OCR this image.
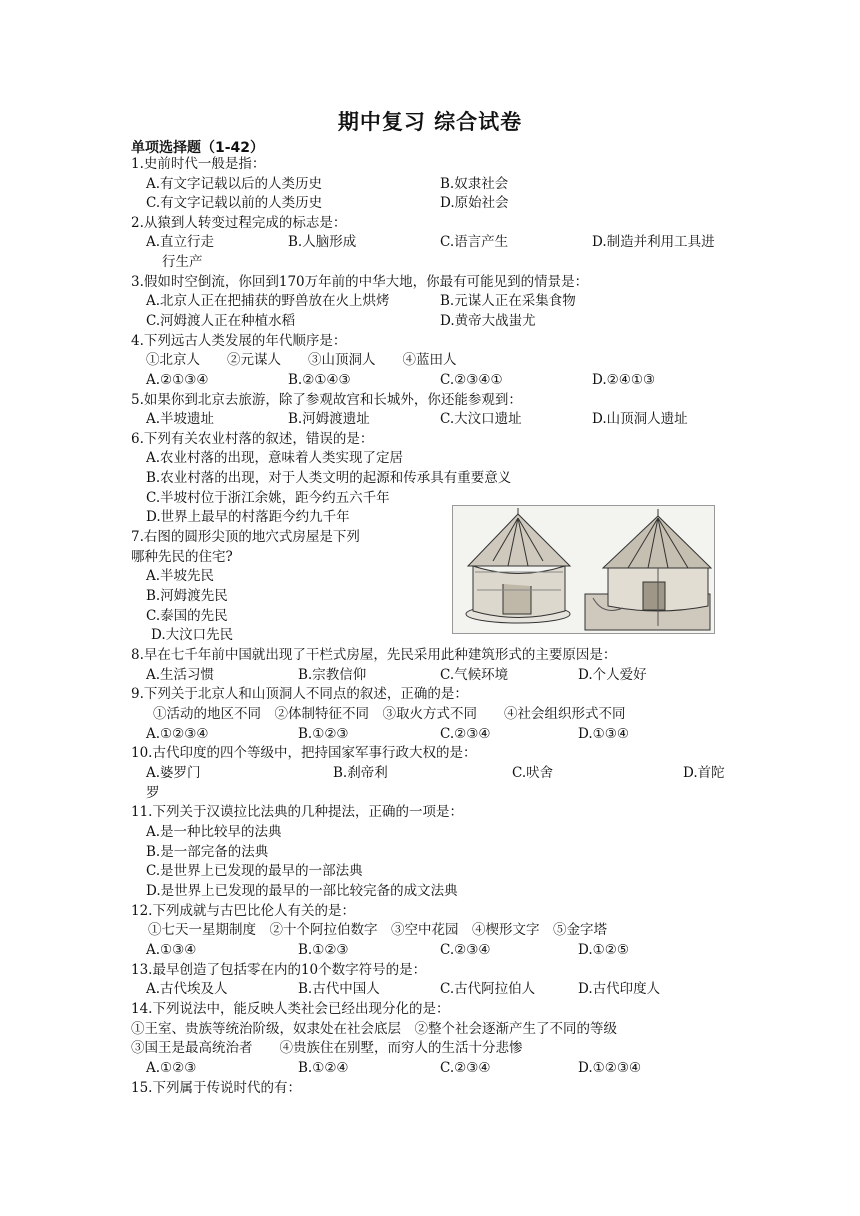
期中复习 综合试卷
单项选择题（1-42）
1.史前时代一般是指：
A.有文字记载以后的人类历史	B.奴隶社会
C.有文字记载以前的人类历史	D.原始社会
2.从猿到人转变过程完成的标志是：
A.直立行走	B.人脑形成	C.语言产生	D.制造并利用工具进
行生产
3.假如时空倒流，你回到170万年前的中华大地，你最有可能见到的情景是：
A.北京人正在把捕获的野兽放在火上烘烤	B.元谋人正在采集食物
C.河姆渡人正在种植水稻	D.黄帝大战蚩尤
4.下列远古人类发展的年代顺序是：
①北京人　　②元谋人　　③山顶洞人　　④蓝田人
A.②①③④	B.②①④③	C.②③④①	D.②④①③
5.如果你到北京去旅游，除了参观故宫和长城外，你还能参观到：
A.半坡遗址	B.河姆渡遗址	C.大汶口遗址	D.山顶洞人遗址
6.下列有关农业村落的叙述，错误的是：
A.农业村落的出现，意味着人类实现了定居
B.农业村落的出现，对于人类文明的起源和传承具有重要意义
C.半坡村位于浙江余姚，距今约五六千年
D.世界上最早的村落距今约九千年
7.右图的圆形尖顶的地穴式房屋是下列
哪种先民的住宅?
A.半坡先民
B.河姆渡先民
C.泰国的先民
D.大汶口先民
8.早在七千年前中国就出现了干栏式房屋，先民采用此种建筑形式的主要原因是：
A.生活习惯	B.宗教信仰	C.气候环境	D.个人爱好
9.下列关于北京人和山顶洞人不同点的叙述，正确的是：
①活动的地区不同　②体制特征不同　③取火方式不同　　④社会组织形式不同
A.①②③④	B.①②③	C.②③④	D.①③④
10.古代印度的四个等级中，把持国家军事行政大权的是：
A.婆罗门	B.刹帝利	C.吠舍	D.首陀
罗
11.下列关于汉谟拉比法典的几种提法，正确的一项是：
A.是一种比较早的法典
B.是一部完备的法典
C.是世界上已发现的最早的一部法典
D.是世界上已发现的最早的一部比较完备的成文法典
12.下列成就与古巴比伦人有关的是：
①七天一星期制度　②十个阿拉伯数字　③空中花园　④楔形文字　⑤金字塔
A.①③④	B.①②③	C.②③④	D.①②⑤
13.最早创造了包括零在内的10个数字符号的是：
A.古代埃及人	B.古代中国人	C.古代阿拉伯人	D.古代印度人
14.下列说法中，能反映人类社会已经出现分化的是：
①王室、贵族等统治阶级，奴隶处在社会底层　②整个社会逐渐产生了不同的等级
③国王是最高统治者　　④贵族住在别墅，而穷人的生活十分悲惨
A.①②③	B.①②④	C.②③④	D.①②③④
15.下列属于传说时代的有：
